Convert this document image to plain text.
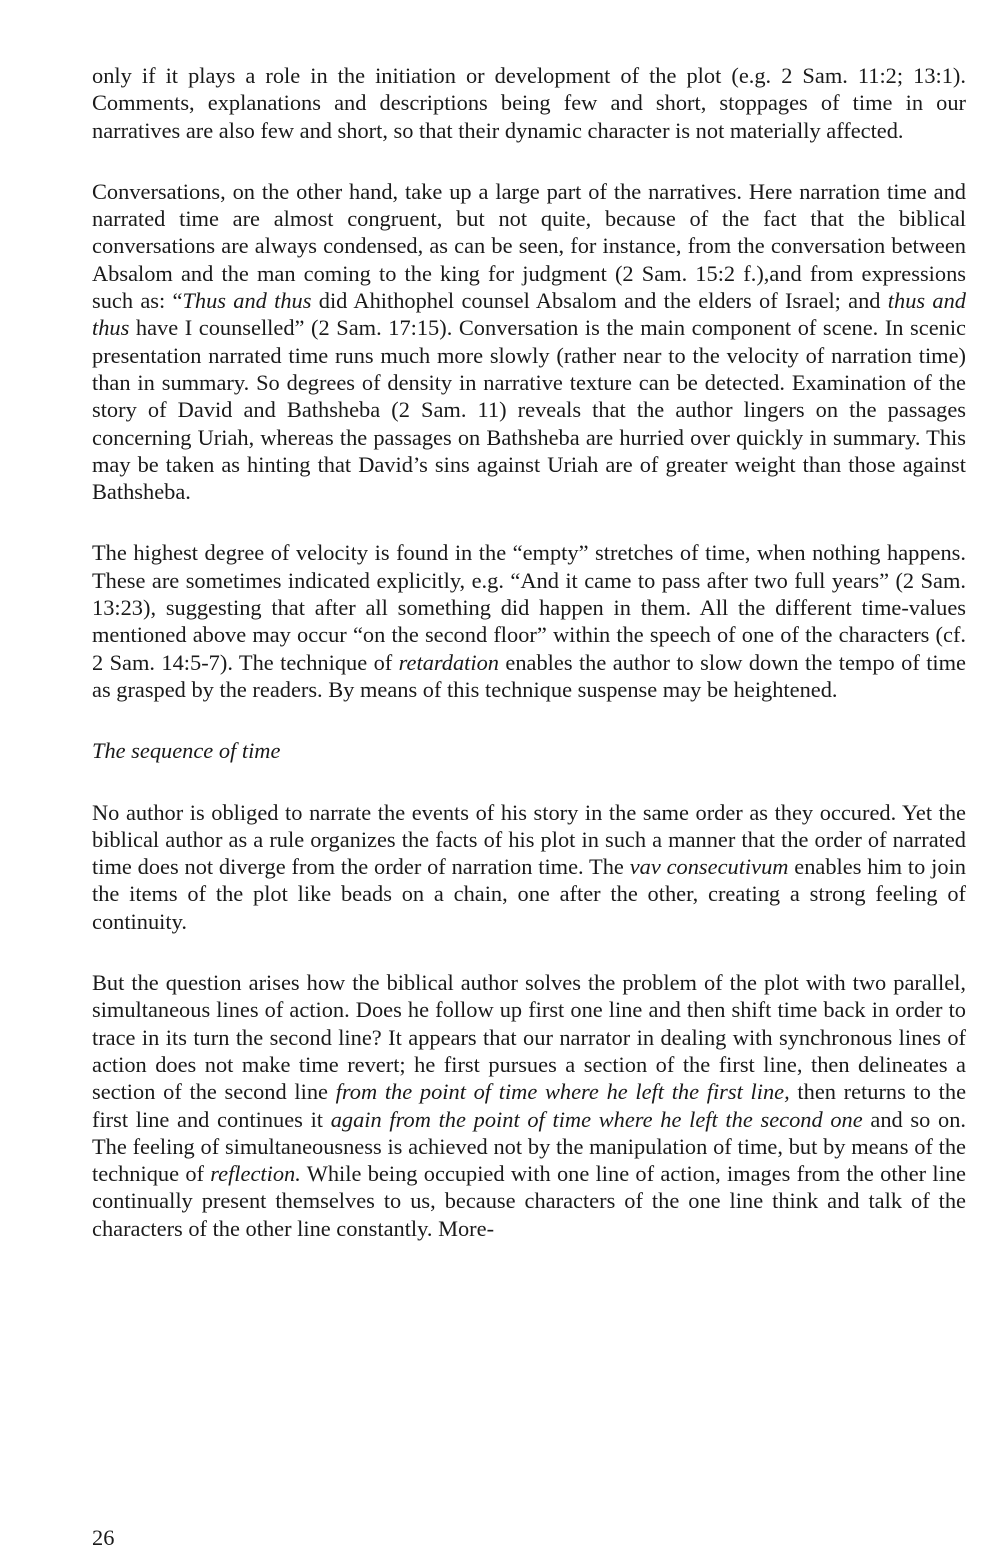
only if it plays a role in the initiation or development of the plot (e.g. 2 Sam. 11:2; 13:1). Comments, explanations and descriptions being few and short, stoppages of time in our narratives are also few and short, so that their dynamic character is not materially affected.

Conversations, on the other hand, take up a large part of the narratives. Here narration time and narrated time are almost congruent, but not quite, because of the fact that the biblical conversations are always condensed, as can be seen, for instance, from the conversation between Absalom and the man coming to the king for judgment (2 Sam. 15:2 f.),and from expressions such as: “Thus and thus did Ahithophel counsel Absalom and the elders of Israel; and thus and thus have I counselled” (2 Sam. 17:15). Conversation is the main component of scene. In scenic presentation narrated time runs much more slowly (rather near to the velocity of narration time) than in summary. So degrees of density in narrative texture can be detected. Examination of the story of David and Bathsheba (2 Sam. 11) reveals that the author lingers on the passages concerning Uriah, whereas the passages on Bathsheba are hurried over quickly in summary. This may be taken as hinting that David’s sins against Uriah are of greater weight than those against Bathsheba.

The highest degree of velocity is found in the “empty” stretches of time, when nothing happens. These are sometimes indicated explicitly, e.g. “And it came to pass after two full years” (2 Sam. 13:23), suggesting that after all something did happen in them. All the different time-values mentioned above may occur “on the second floor” within the speech of one of the characters (cf. 2 Sam. 14:5-7). The technique of retardation enables the author to slow down the tempo of time as grasped by the readers. By means of this technique suspense may be heightened.

The sequence of time

No author is obliged to narrate the events of his story in the same order as they occured. Yet the biblical author as a rule organizes the facts of his plot in such a manner that the order of narrated time does not diverge from the order of narration time. The vav consecutivum enables him to join the items of the plot like beads on a chain, one after the other, creating a strong feeling of continuity.

But the question arises how the biblical author solves the problem of the plot with two parallel, simultaneous lines of action. Does he follow up first one line and then shift time back in order to trace in its turn the second line? It appears that our narrator in dealing with synchronous lines of action does not make time revert; he first pursues a section of the first line, then delineates a section of the second line from the point of time where he left the first line, then returns to the first line and continues it again from the point of time where he left the second one and so on. The feeling of simultaneousness is achieved not by the manipulation of time, but by means of the technique of reflection. While being occupied with one line of action, images from the other line continually present themselves to us, because characters of the one line think and talk of the characters of the other line constantly. More-

26
